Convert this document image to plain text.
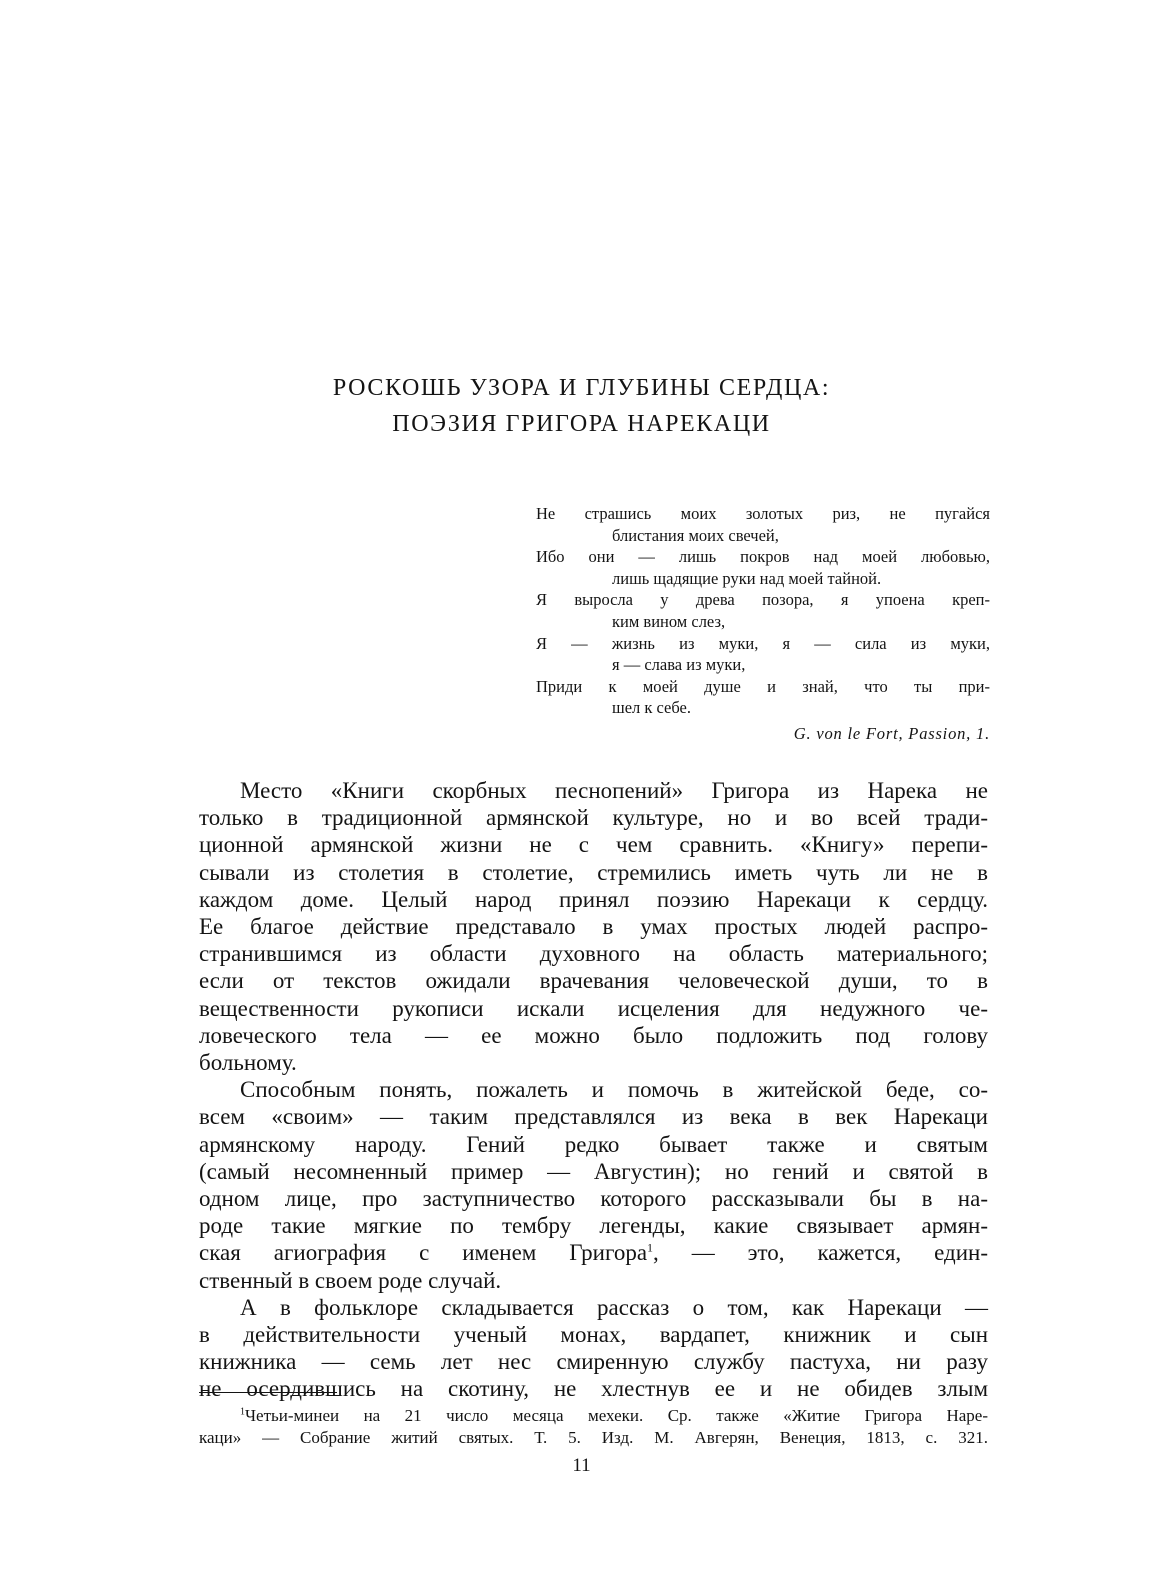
РОСКОШЬ УЗОРА И ГЛУБИНЫ СЕРДЦА:
ПОЭЗИЯ ГРИГОРА НАРЕКАЦИ
Не страшись моих золотых риз, не пугайся
блистания моих свечей,
Ибо они — лишь покров над моей любовью,
лишь щадящие руки над моей тайной.
Я выросла у древа позора, я упоена креп-
ким вином слез,
Я — жизнь из муки, я — сила из муки,
я — слава из муки,
Приди к моей душе и знай, что ты при-
шел к себе.
G. von le Fort, Passion, 1.

Место «Книги скорбных песнопений» Григора из Нарека не
только в традиционной армянской культуре, но и во всей тради-
ционной армянской жизни не с чем сравнить. «Книгу» перепи-
сывали из столетия в столетие, стремились иметь чуть ли не в
каждом доме. Целый народ принял поэзию Нарекаци к сердцу.
Ее благое действие представало в умах простых людей распро-
странившимся из области духовного на область материального;
если от текстов ожидали врачевания человеческой души, то в
вещественности рукописи искали исцеления для недужного че-
ловеческого тела — ее можно было подложить под голову
больному.

Способным понять, пожалеть и помочь в житейской беде, со-
всем «своим» — таким представлялся из века в век Нарекаци
армянскому народу. Гений редко бывает также и святым
(самый несомненный пример — Августин); но гений и святой в
одном лице, про заступничество которого рассказывали бы в на-
роде такие мягкие по тембру легенды, какие связывает армян-
ская агиография с именем Григора$^1$, — это, кажется, един-
ственный в своем роде случай.

А в фольклоре складывается рассказ о том, как Нарекаци —
в действительности ученый монах, вардапет, книжник и сын
книжника — семь лет нес смиренную службу пастуха, ни разу
не осердившись на скотину, не хлестнув ее и не обидев злым

$^1$Четьи-минеи на 21 число месяца мехеки. Ср. также «Житие Григора Наре-
каци» — Собрание житий святых. Т. 5. Изд. М. Авгерян, Венеция, 1813, с. 321.
11
